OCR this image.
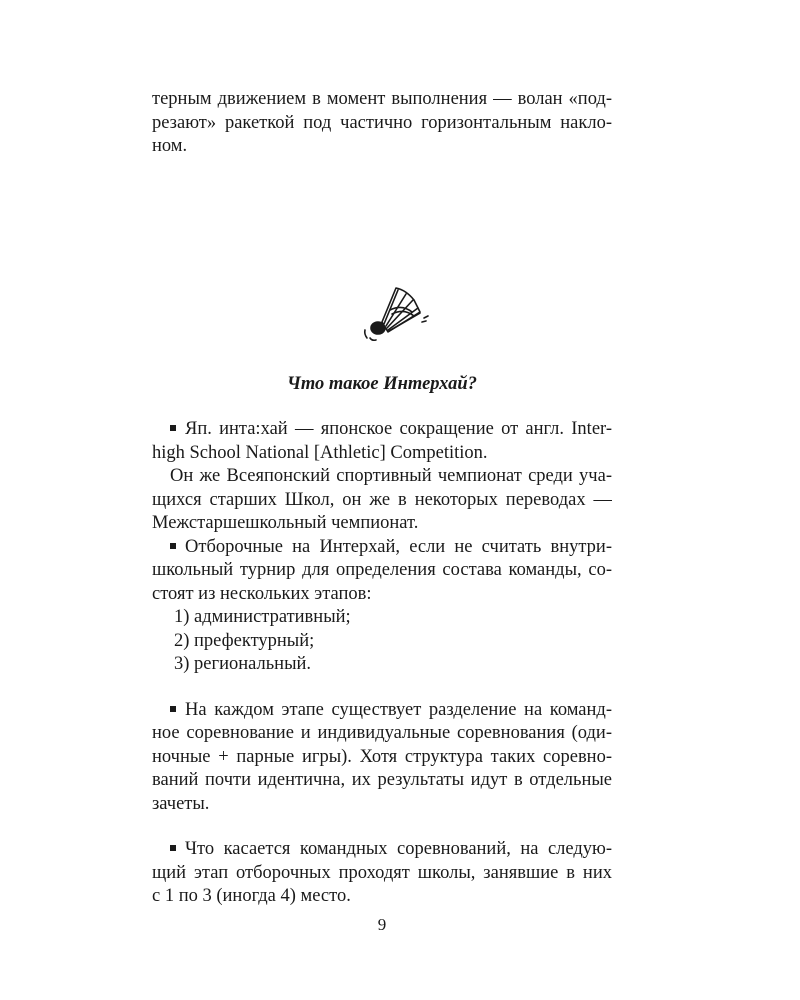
терным движением в момент выполнения — волан «под-
резают» ракеткой под частично горизонтальным накло-
ном.

Что такое Интерхай?

Яп. инта:хай — японское сокращение от англ. Inter-
high School National [Athletic] Competition.

Он же Всеяпонский спортивный чемпионат среди уча-
щихся старших Школ, он же в некоторых переводах —
Межстаршешкольный чемпионат.

Отборочные на Интерхай, если не считать внутри-
школьный турнир для определения состава команды, со-
стоят из нескольких этапов:

1) административный;

2) префектурный;

3) региональный.

На каждом этапе существует разделение на команд-
ное соревнование и индивидуальные соревнования (оди-
ночные + парные игры). Хотя структура таких соревно-
ваний почти идентична, их результаты идут в отдельные
зачеты.

Что касается командных соревнований, на следую-
щий этап отборочных проходят школы, занявшие в них
с 1 по 3 (иногда 4) место.

9
